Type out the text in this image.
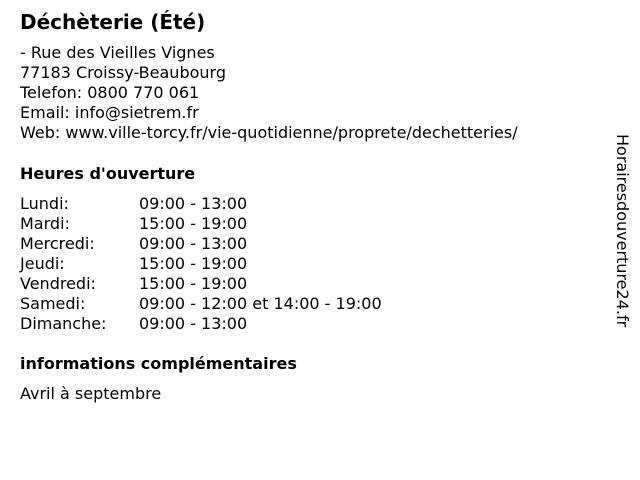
Déchèterie (Été)
- Rue des Vieilles Vignes
77183 Croissy-Beaubourg
Telefon: 0800 770 061
Email: info@sietrem.fr
Web: www.ville-torcy.fr/vie-quotidienne/proprete/dechetteries/
Heures d'ouverture
Lundi:	09:00 - 13:00
Mardi:	15:00 - 19:00
Mercredi:	09:00 - 13:00
Jeudi:	15:00 - 19:00
Vendredi:	15:00 - 19:00
Samedi:	09:00 - 12:00 et 14:00 - 19:00
Dimanche:	09:00 - 13:00
informations complémentaires
Avril à septembre
Horairesdouverture24.fr
